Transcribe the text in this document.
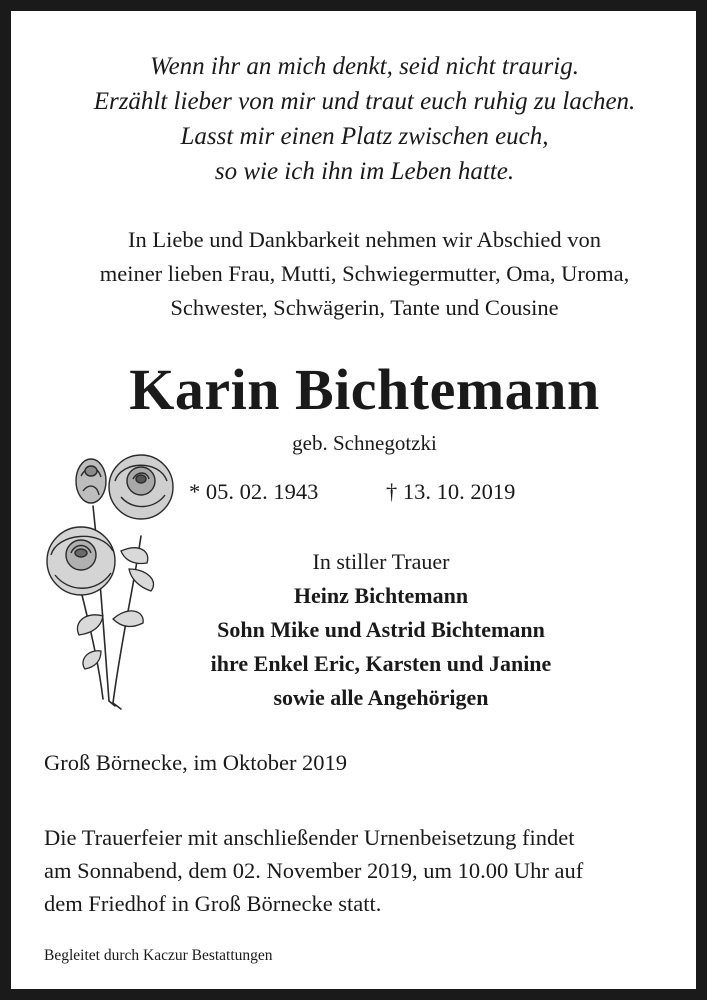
Wenn ihr an mich denkt, seid nicht traurig.
Erzählt lieber von mir und traut euch ruhig zu lachen.
Lasst mir einen Platz zwischen euch,
so wie ich ihn im Leben hatte.
In Liebe und Dankbarkeit nehmen wir Abschied von
meiner lieben Frau, Mutti, Schwiegermutter, Oma, Uroma,
Schwester, Schwägerin, Tante und Cousine
Karin Bichtemann
geb. Schnegotzki
* 05. 02. 1943	† 13. 10. 2019
In stiller Trauer
Heinz Bichtemann
Sohn Mike und Astrid Bichtemann
ihre Enkel Eric, Karsten und Janine
sowie alle Angehörigen
Groß Börnecke, im Oktober 2019
Die Trauerfeier mit anschließender Urnenbeisetzung findet
am Sonnabend, dem 02. November 2019, um 10.00 Uhr auf
dem Friedhof in Groß Börnecke statt.
Begleitet durch Kaczur Bestattungen
